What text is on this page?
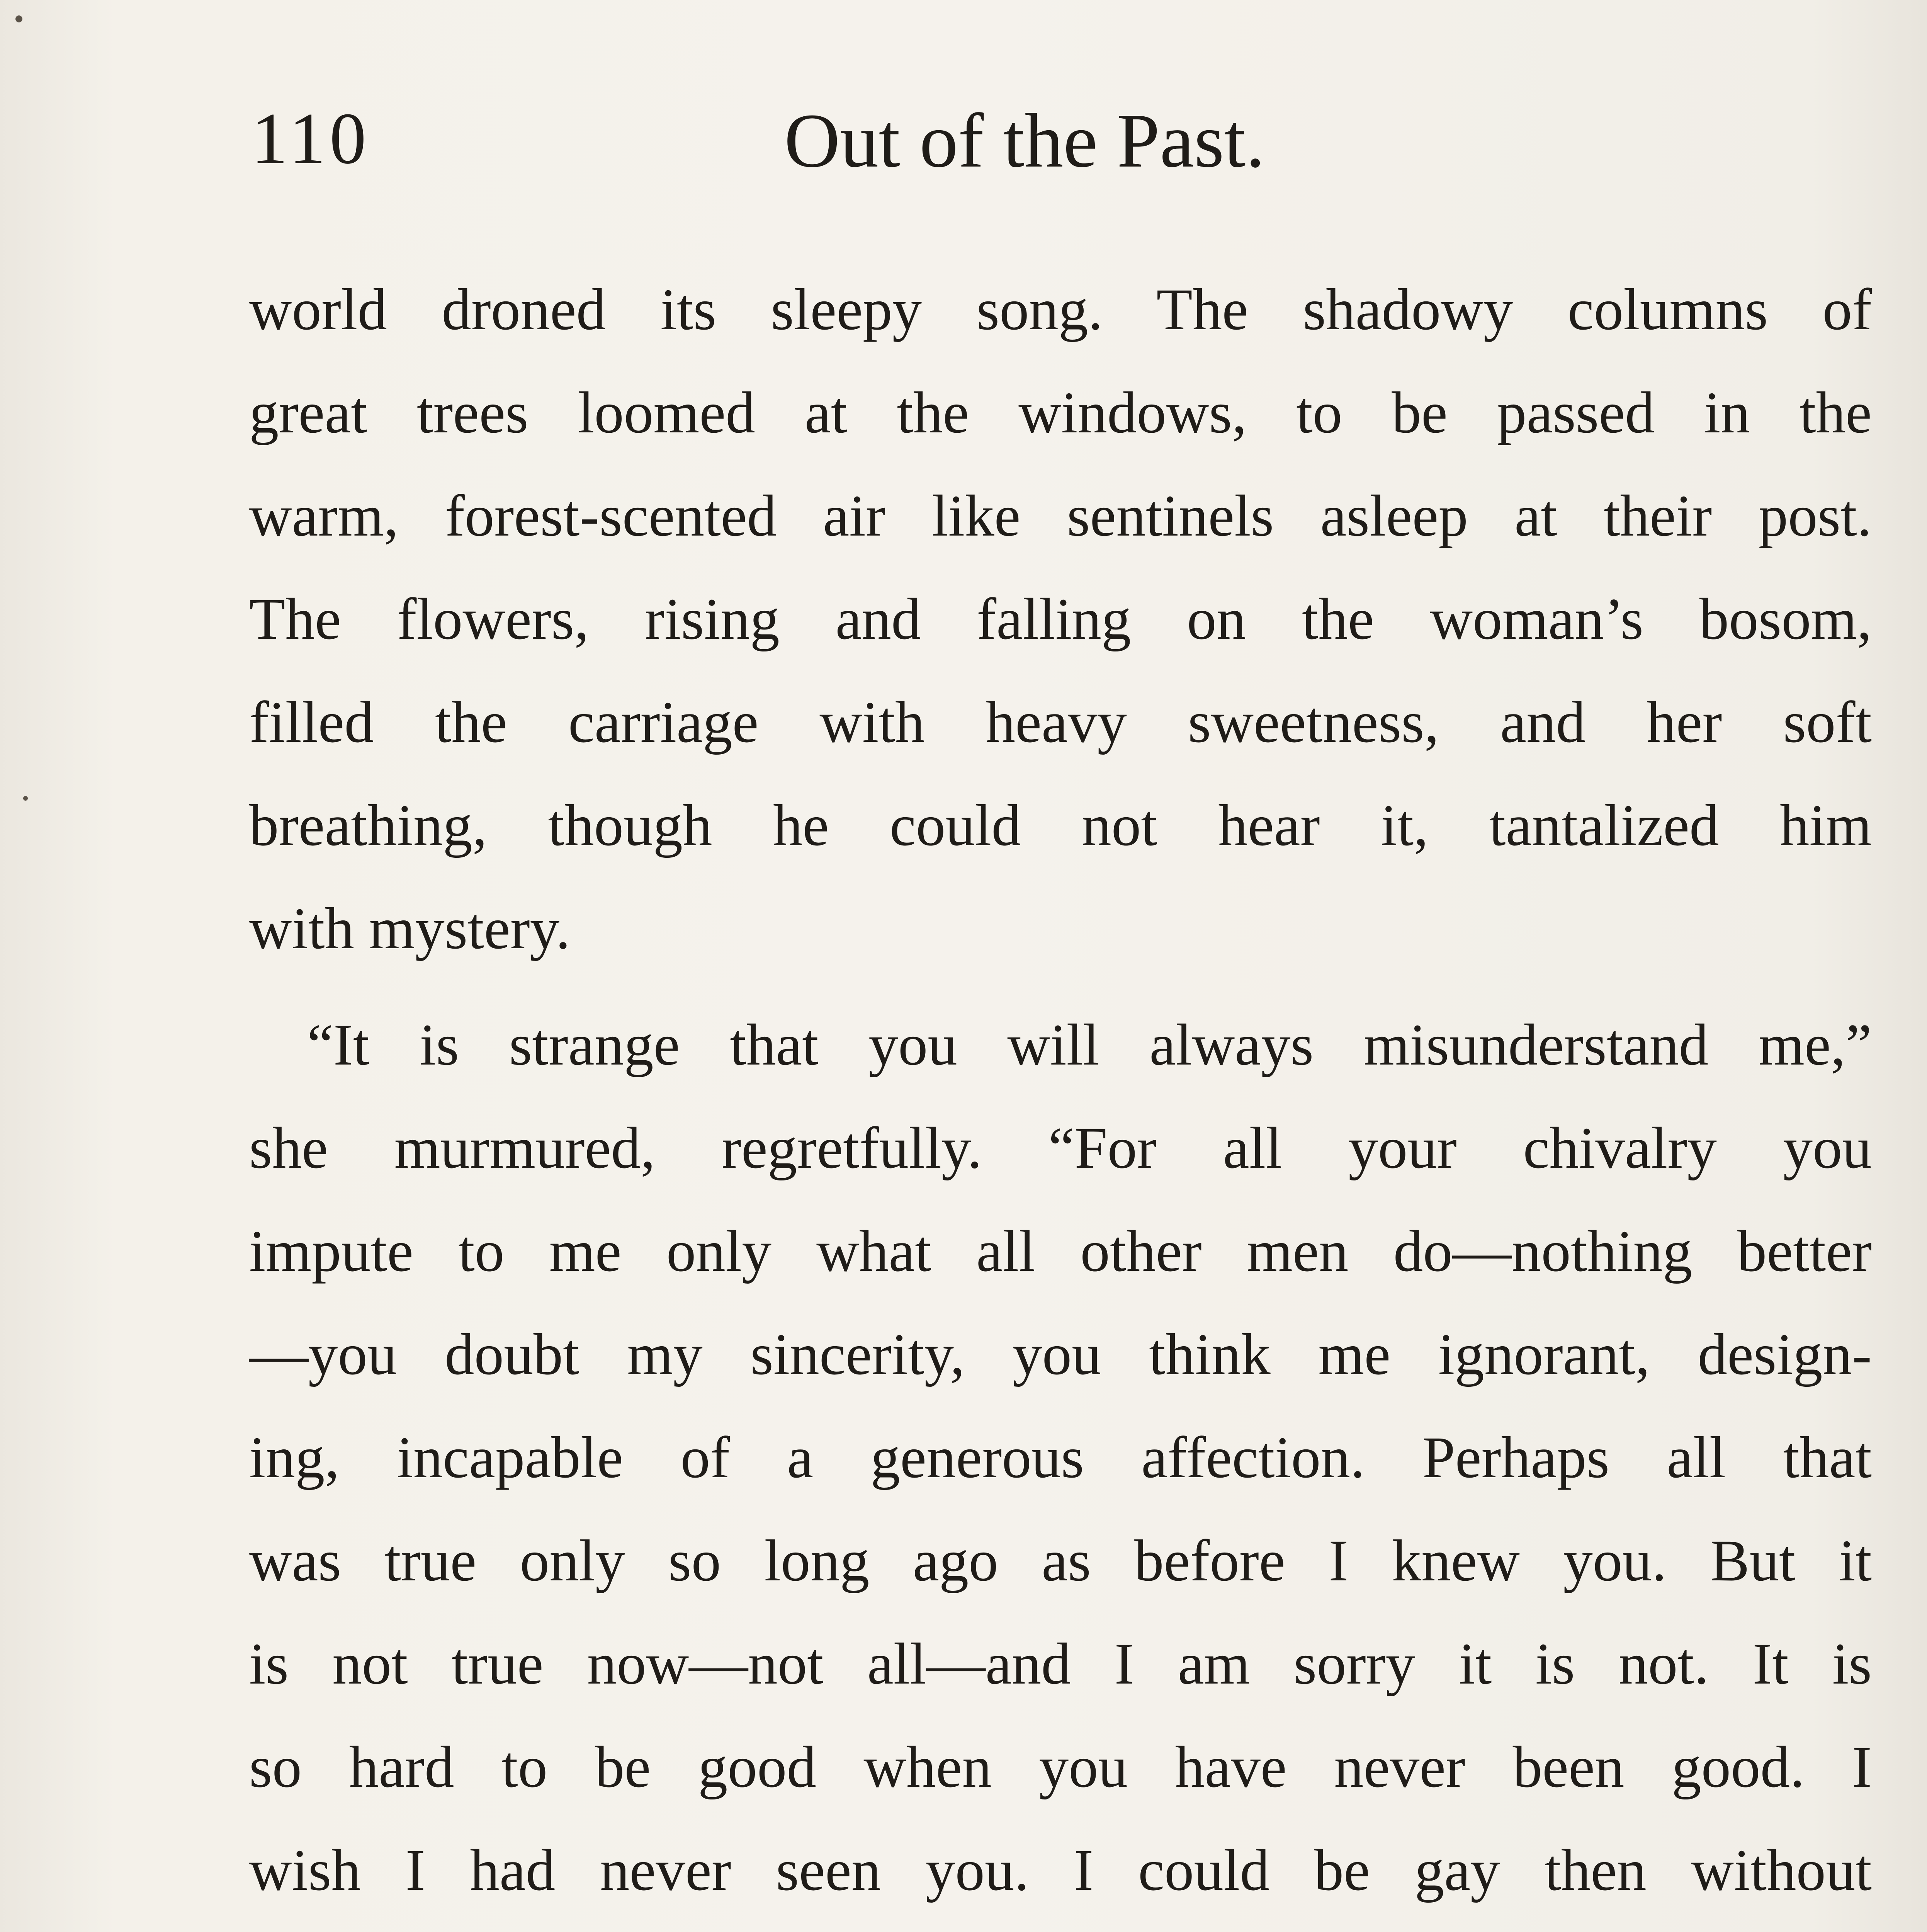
110	Out of the Past.

world droned its sleepy song. The shadowy columns of
great trees loomed at the windows, to be passed in the
warm, forest-scented air like sentinels asleep at their post.
The flowers, rising and falling on the woman’s bosom,
filled the carriage with heavy sweetness, and her soft
breathing, though he could not hear it, tantalized him
with mystery.

“It is strange that you will always misunderstand me,”
she murmured, regretfully. “For all your chivalry you
impute to me only what all other men do—nothing better
—you doubt my sincerity, you think me ignorant, design-
ing, incapable of a generous affection. Perhaps all that
was true only so long ago as before I knew you. But it
is not true now—not all—and I am sorry it is not. It is
so hard to be good when you have never been good. I
wish I had never seen you. I could be gay then without
